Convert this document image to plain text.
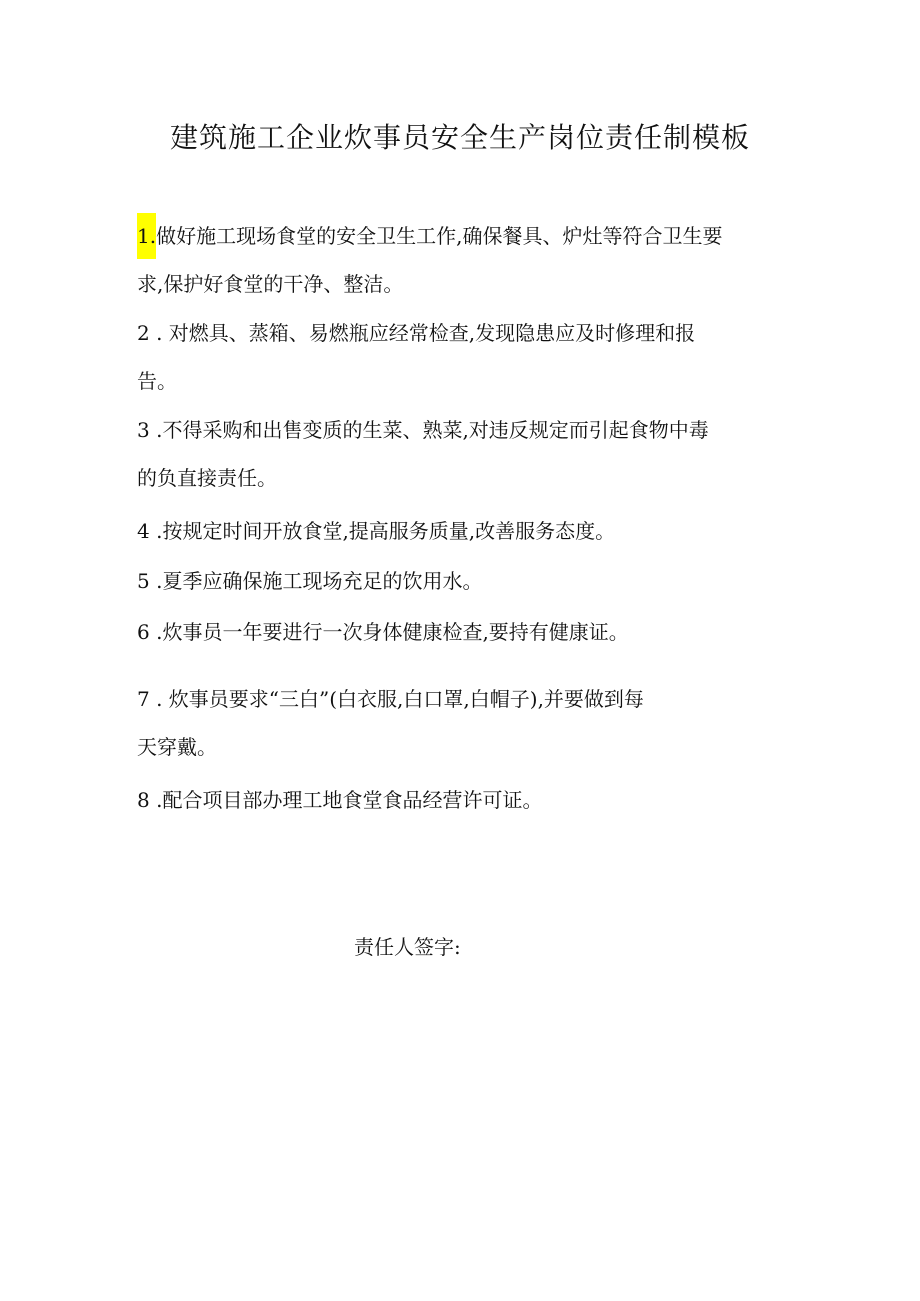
建筑施工企业炊事员安全生产岗位责任制模板
1.做好施工现场食堂的安全卫生工作,确保餐具、炉灶等符合卫生要
求,保护好食堂的干净、整洁。
2 . 对燃具、蒸箱、易燃瓶应经常检查,发现隐患应及时修理和报
告。
3 .不得采购和出售变质的生菜、熟菜,对违反规定而引起食物中毒
的负直接责任。
4 .按规定时间开放食堂,提高服务质量,改善服务态度。
5 .夏季应确保施工现场充足的饮用水。
6 .炊事员一年要进行一次身体健康检查,要持有健康证。
7 . 炊事员要求“三白”(白衣服,白口罩,白帽子),并要做到每
天穿戴。
8 .配合项目部办理工地食堂食品经营许可证。
责任人签字:
